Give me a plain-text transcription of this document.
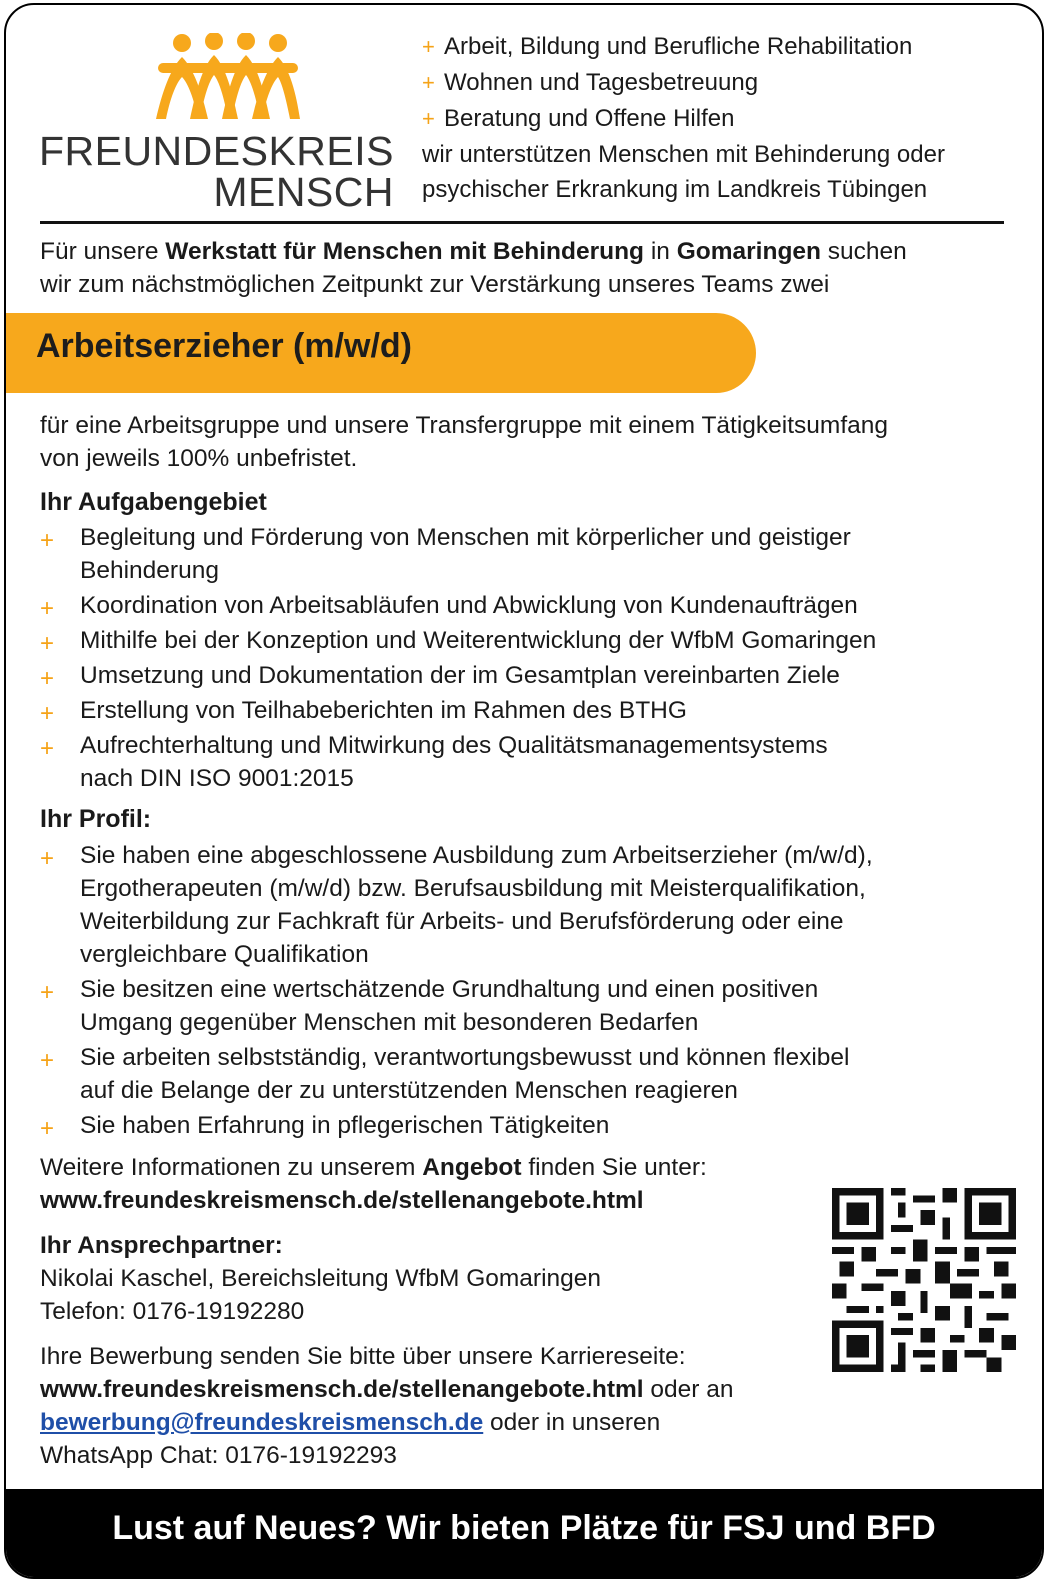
FREUNDESKREIS
MENSCH
+ Arbeit, Bildung und Berufliche Rehabilitation
+ Wohnen und Tagesbetreuung
+ Beratung und Offene Hilfen
wir unterstützen Menschen mit Behinderung oder
psychischer Erkrankung im Landkreis Tübingen
Für unsere Werkstatt für Menschen mit Behinderung in Gomaringen suchen
wir zum nächstmöglichen Zeitpunkt zur Verstärkung unseres Teams zwei
Arbeitserzieher (m/w/d)
für eine Arbeitsgruppe und unsere Transfergruppe mit einem Tätigkeitsumfang
von jeweils 100% unbefristet.
Ihr Aufgabengebiet
+ Begleitung und Förderung von Menschen mit körperlicher und geistiger
Behinderung
+ Koordination von Arbeitsabläufen und Abwicklung von Kundenaufträgen
+ Mithilfe bei der Konzeption und Weiterentwicklung der WfbM Gomaringen
+ Umsetzung und Dokumentation der im Gesamtplan vereinbarten Ziele
+ Erstellung von Teilhabeberichten im Rahmen des BTHG
+ Aufrechterhaltung und Mitwirkung des Qualitätsmanagementsystems
nach DIN ISO 9001:2015
Ihr Profil:
+ Sie haben eine abgeschlossene Ausbildung zum Arbeitserzieher (m/w/d),
Ergotherapeuten (m/w/d) bzw. Berufsausbildung mit Meisterqualifikation,
Weiterbildung zur Fachkraft für Arbeits- und Berufsförderung oder eine
vergleichbare Qualifikation
+ Sie besitzen eine wertschätzende Grundhaltung und einen positiven
Umgang gegenüber Menschen mit besonderen Bedarfen
+ Sie arbeiten selbstständig, verantwortungsbewusst und können flexibel
auf die Belange der zu unterstützenden Menschen reagieren
+ Sie haben Erfahrung in pflegerischen Tätigkeiten
Weitere Informationen zu unserem Angebot finden Sie unter:
www.freundeskreismensch.de/stellenangebote.html
Ihr Ansprechpartner:
Nikolai Kaschel, Bereichsleitung WfbM Gomaringen
Telefon: 0176-19192280
Ihre Bewerbung senden Sie bitte über unsere Karriereseite:
www.freundeskreismensch.de/stellenangebote.html oder an
bewerbung@freundeskreismensch.de oder in unseren
WhatsApp Chat: 0176-19192293
Lust auf Neues? Wir bieten Plätze für FSJ und BFD
